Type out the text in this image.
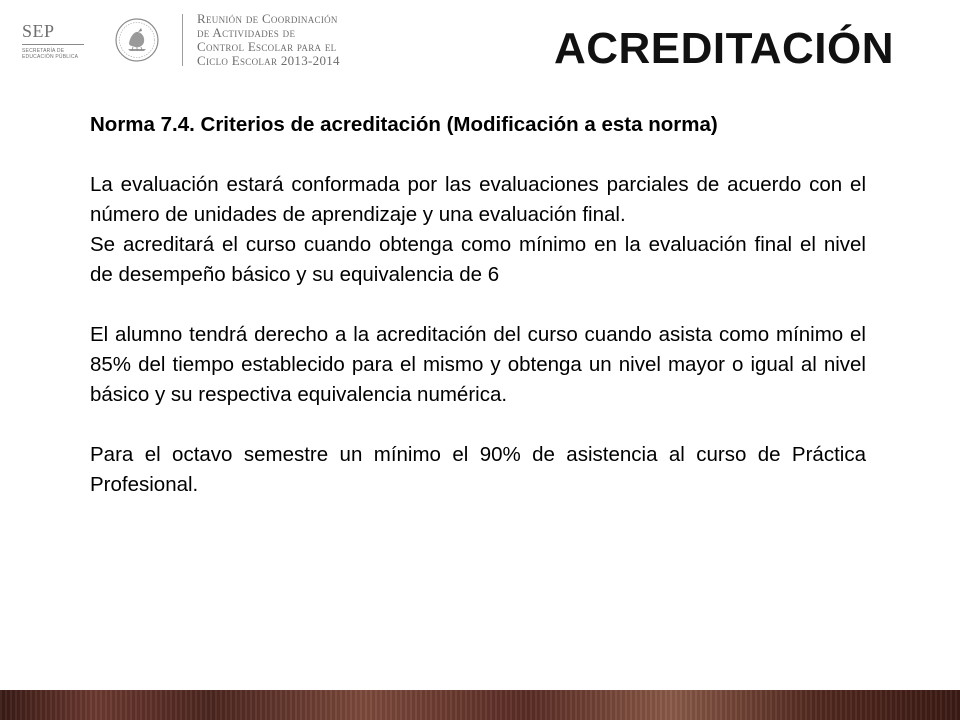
SEP
SECRETARÍA DE
EDUCACIÓN PÚBLICA
Reunión de Coordinación
de Actividades de
Control Escolar para el
Ciclo Escolar 2013-2014	ACREDITACIÓN
Norma 7.4. Criterios de acreditación (Modificación a esta norma)

La evaluación estará conformada por las evaluaciones parciales de acuerdo con el número de unidades de aprendizaje y una evaluación final.

Se acreditará el curso cuando obtenga como mínimo en la evaluación final el nivel de desempeño básico y su equivalencia de 6

El alumno tendrá derecho a la acreditación del curso cuando asista como mínimo el 85% del tiempo establecido para el mismo y obtenga un nivel mayor o igual al nivel básico y su respectiva equivalencia numérica.

Para el octavo semestre un mínimo el 90% de asistencia al curso de Práctica Profesional.
